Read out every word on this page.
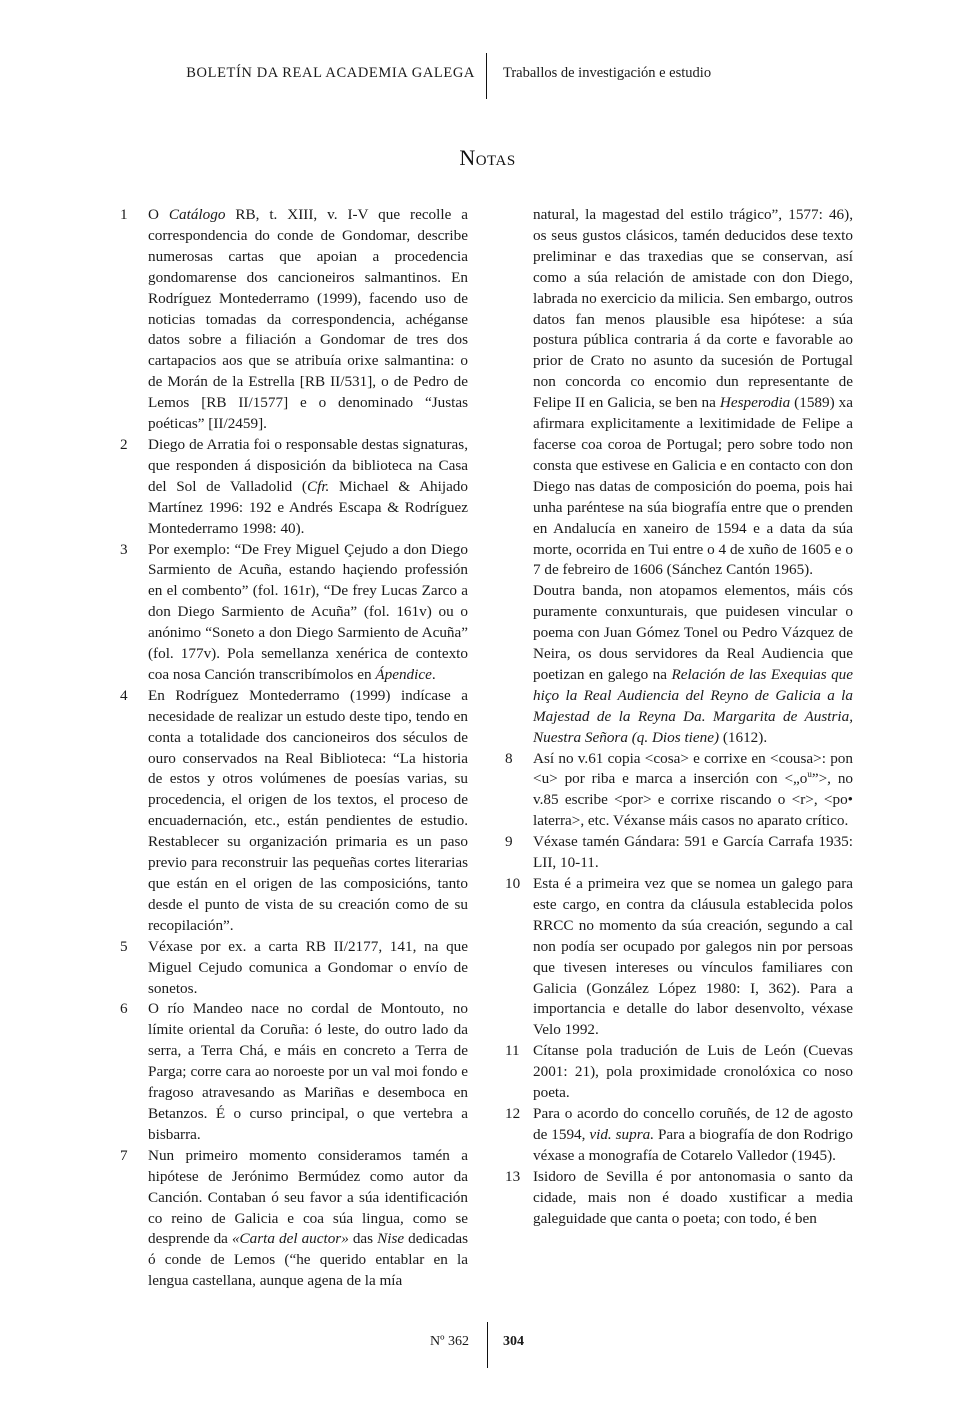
BOLETÍN DA REAL ACADEMIA GALEGA Traballos de investigación e estudio
Notas
1 O Catálogo RB, t. XIII, v. I-V que recolle a correspondencia do conde de Gondomar, describe numerosas cartas que apoian a procedencia gondomarense dos cancioneiros salmantinos. En Rodríguez Montederramo (1999), facendo uso de noticias tomadas da correspondencia, achéganse datos sobre a filiación a Gondomar de tres dos cartapacios aos que se atribuía orixe salmantina: o de Morán de la Estrella [RB II/531], o de Pedro de Lemos [RB II/1577] e o denominado “Justas poéticas” [II/2459].
2 Diego de Arratia foi o responsable destas signaturas, que responden á disposición da biblioteca na Casa del Sol de Valladolid (Cfr. Michael & Ahijado Martínez 1996: 192 e Andrés Escapa & Rodríguez Montederramo 1998: 40).
3 Por exemplo: “De Frey Miguel Çejudo a don Diego Sarmiento de Acuña, estando haçiendo professión en el combento” (fol. 161r), “De frey Lucas Zarco a don Diego Sarmiento de Acuña” (fol. 161v) ou o anónimo “Soneto a don Diego Sarmiento de Acuña” (fol. 177v). Pola semellanza xenérica de contexto coa nosa Canción transcribímolos en Ápendice.
4 En Rodríguez Montederramo (1999) indícase a necesidade de realizar un estudo deste tipo, tendo en conta a totalidade dos cancioneiros dos séculos de ouro conservados na Real Biblioteca: “La historia de estos y otros volúmenes de poesías varias, su procedencia, el origen de los textos, el proceso de encuadernación, etc., están pendientes de estudio. Restablecer su organización primaria es un paso previo para reconstruir las pequeñas cortes literarias que están en el origen de las composicións, tanto desde el punto de vista de su creación como de su recopilación”.
5 Véxase por ex. a carta RB II/2177, 141, na que Miguel Cejudo comunica a Gondomar o envío de sonetos.
6 O río Mandeo nace no cordal de Montouto, no límite oriental da Coruña: ó leste, do outro lado da serra, a Terra Chá, e máis en concreto a Terra de Parga; corre cara ao noroeste por un val moi fondo e fragoso atravesando as Mariñas e desemboca en Betanzos. É o curso principal, o que vertebra a bisbarra.
7 Nun primeiro momento consideramos tamén a hipótese de Jerónimo Bermúdez como autor da Canción. Contaban ó seu favor a súa identificación co reino de Galicia e coa súa lingua, como se desprende da «Carta del auctor» das Nise dedicadas ó conde de Lemos (“he querido entablar en la lengua castellana, aunque agena de la mía
natural, la magestad del estilo trágico”, 1577: 46), os seus gustos clásicos, tamén deducidos dese texto preliminar e das traxedias que se conservan, así como a súa relación de amistade con don Diego, labrada no exercicio da milicia. Sen embargo, outros datos fan menos plausible esa hipótese: a súa postura pública contraria á da corte e favorable ao prior de Crato no asunto da sucesión de Portugal non concorda co encomio dun representante de Felipe II en Galicia, se ben na Hesperodia (1589) xa afirmara explicitamente a lexitimidade de Felipe a facerse coa coroa de Portugal; pero sobre todo non consta que estivese en Galicia e en contacto con don Diego nas datas de composición do poema, pois hai unha paréntese na súa biografía entre que o prenden en Andalucía en xaneiro de 1594 e a data da súa morte, ocorrida en Tui entre o 4 de xuño de 1605 e o 7 de febreiro de 1606 (Sánchez Cantón 1965).
Doutra banda, non atopamos elementos, máis cós puramente conxunturais, que puidesen vincular o poema con Juan Gómez Tonel ou Pedro Vázquez de Neira, os dous servidores da Real Audiencia que poetizan en galego na Relación de las Exequias que hiço la Real Audiencia del Reyno de Galicia a la Majestad de la Reyna Da. Margarita de Austria, Nuestra Señora (q. Dios tiene) (1612).
8 Así no v.61 copia <cosa> e corrixe en <cousa>: pon <u> por riba e marca a inserción con $<„o^u”>$, no v.85 escribe <por> e corrixe riscando o <r>, <po• laterra>, etc. Véxanse máis casos no aparato crítico.
9 Véxase tamén Gándara: 591 e García Carrafa 1935: LII, 10-11.
10 Esta é a primeira vez que se nomea un galego para este cargo, en contra da cláusula establecida polos RRCC no momento da súa creación, segundo a cal non podía ser ocupado por galegos nin por persoas que tivesen intereses ou vínculos familiares con Galicia (González López 1980: I, 362). Para a importancia e detalle do labor desenvolto, véxase Velo 1992.
11 Cítanse pola tradución de Luis de León (Cuevas 2001: 21), pola proximidade cronolóxica co noso poeta.
12 Para o acordo do concello coruñés, de 12 de agosto de 1594, vid. supra. Para a biografía de don Rodrigo véxase a monografía de Cotarelo Valledor (1945).
13 Isidoro de Sevilla é por antonomasia o santo da cidade, mais non é doado xustificar a media galeguidade que canta o poeta; con todo, é ben
Nº 362 304
